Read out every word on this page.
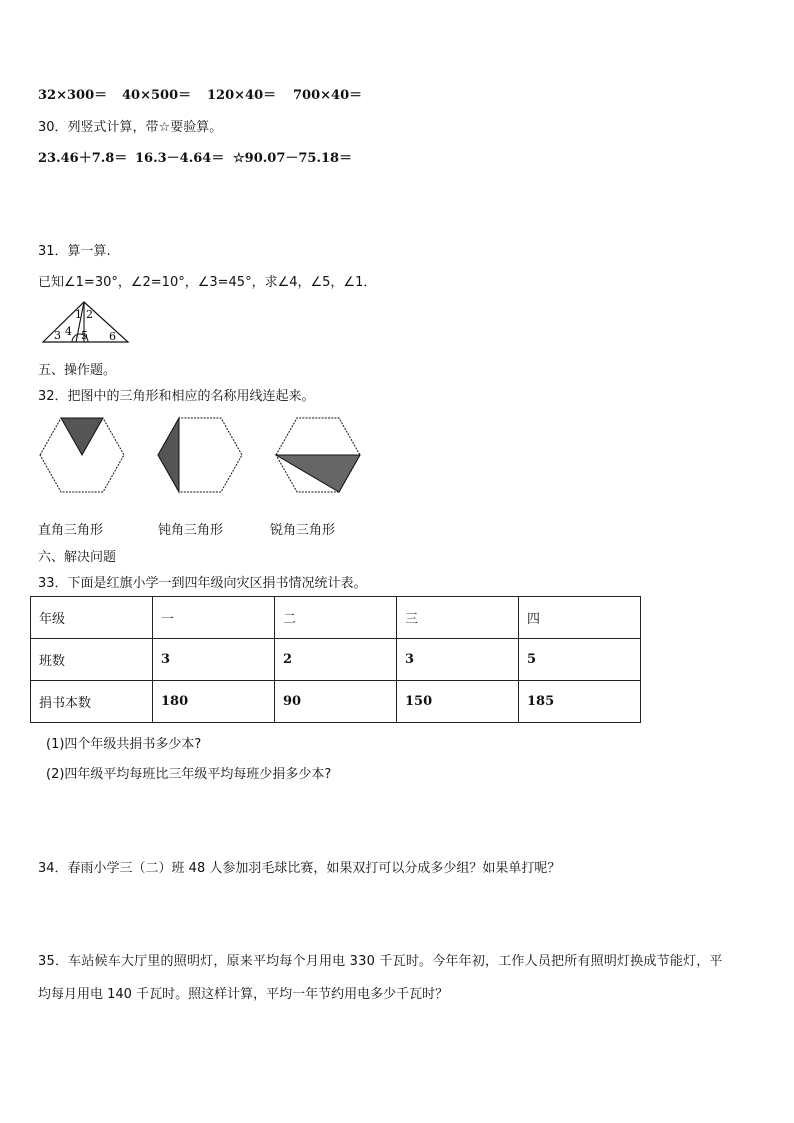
32×300＝ 40×500＝ 120×40＝ 700×40＝
30．列竖式计算，带☆要验算。
23.46＋7.8＝ 16.3－4.64＝ ☆90.07－75.18＝
31．算一算.
已知∠1=30°，∠2=10°，∠3=45°，求∠4，∠5，∠1．
1 2
3 4 5 6
五、操作题。
32．把图中的三角形和相应的名称用线连起来。
直角三角形	钝角三角形	锐角三角形
六、解决问题
33．下面是红旗小学一到四年级向灾区捐书情况统计表。
年级	一	二	三	四
班数	3	2	3	5
捐书本数	180	90	150	185
(1)四个年级共捐书多少本?
(2)四年级平均每班比三年级平均每班少捐多少本?
34．春雨小学三（二）班 48 人参加羽毛球比赛，如果双打可以分成多少组？如果单打呢？
35．车站候车大厅里的照明灯，原来平均每个月用电 330 千瓦时。今年年初，工作人员把所有照明灯换成节能灯，平
均每月用电 140 千瓦时。照这样计算，平均一年节约用电多少千瓦时？
